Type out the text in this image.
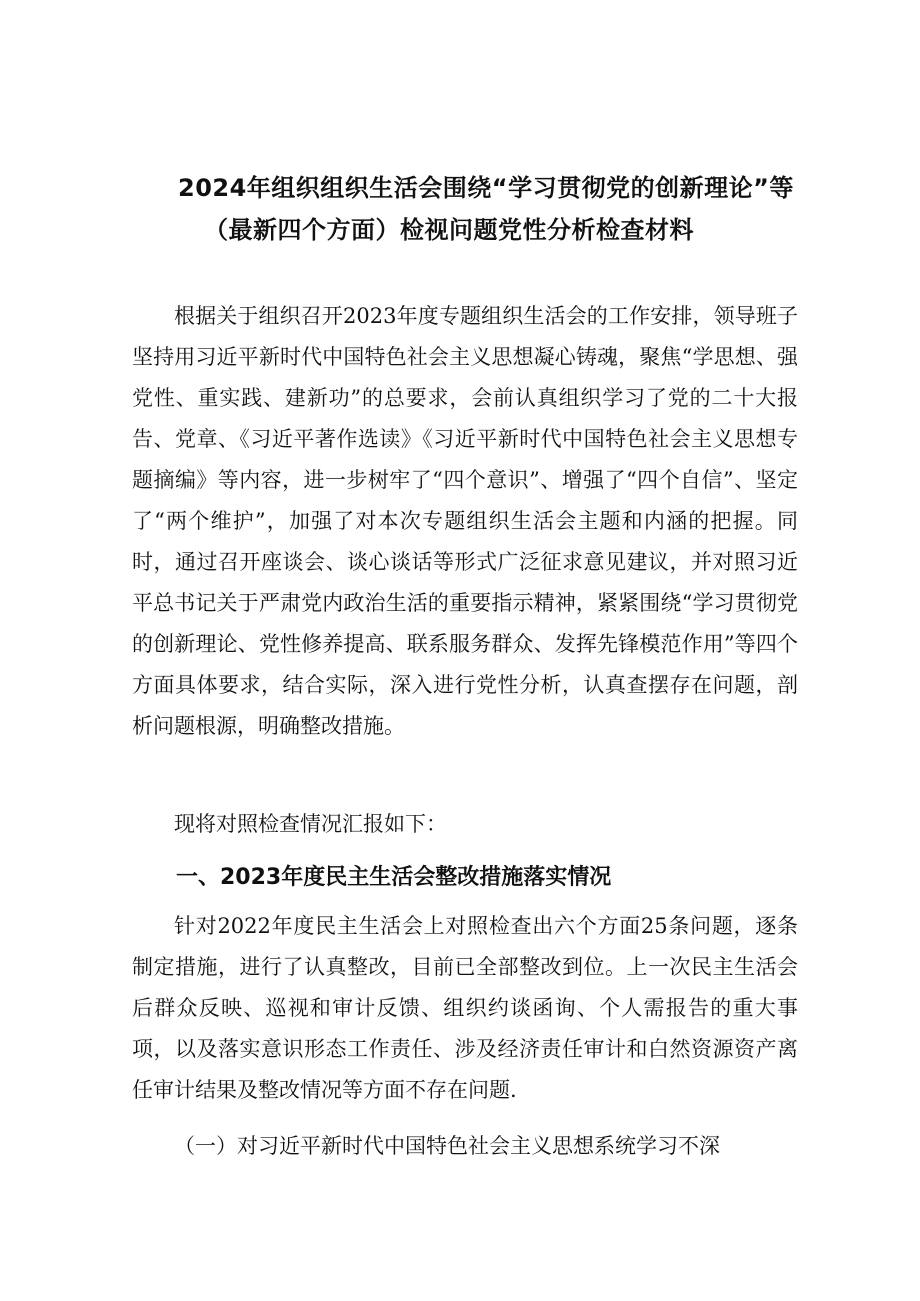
2024年组织组织生活会围绕“学习贯彻党的创新理论”等
（最新四个方面）检视问题党性分析检查材料

根据关于组织召开2023年度专题组织生活会的工作安排，领导班子坚持用习近平新时代中国特色社会主义思想凝心铸魂，聚焦“学思想、强党性、重实践、建新功”的总要求，会前认真组织学习了党的二十大报告、党章、《习近平著作选读》《习近平新时代中国特色社会主义思想专题摘编》等内容，进一步树牢了“四个意识”、增强了“四个自信”、坚定了“两个维护”，加强了对本次专题组织生活会主题和内涵的把握。同时，通过召开座谈会、谈心谈话等形式广泛征求意见建议，并对照习近平总书记关于严肃党内政治生活的重要指示精神，紧紧围绕“学习贯彻党的创新理论、党性修养提高、联系服务群众、发挥先锋模范作用”等四个方面具体要求，结合实际，深入进行党性分析，认真查摆存在问题，剖析问题根源，明确整改措施。

现将对照检查情况汇报如下：

一、2023年度民主生活会整改措施落实情况

针对2022年度民主生活会上对照检查出六个方面25条问题，逐条制定措施，进行了认真整改，目前已全部整改到位。上一次民主生活会后群众反映、巡视和审计反馈、组织约谈函询、个人需报告的重大事项，以及落实意识形态工作责任、涉及经济责任审计和白然资源资产离任审计结果及整改情况等方面不存在问题.

（一）对习近平新时代中国特色社会主义思想系统学习不深
